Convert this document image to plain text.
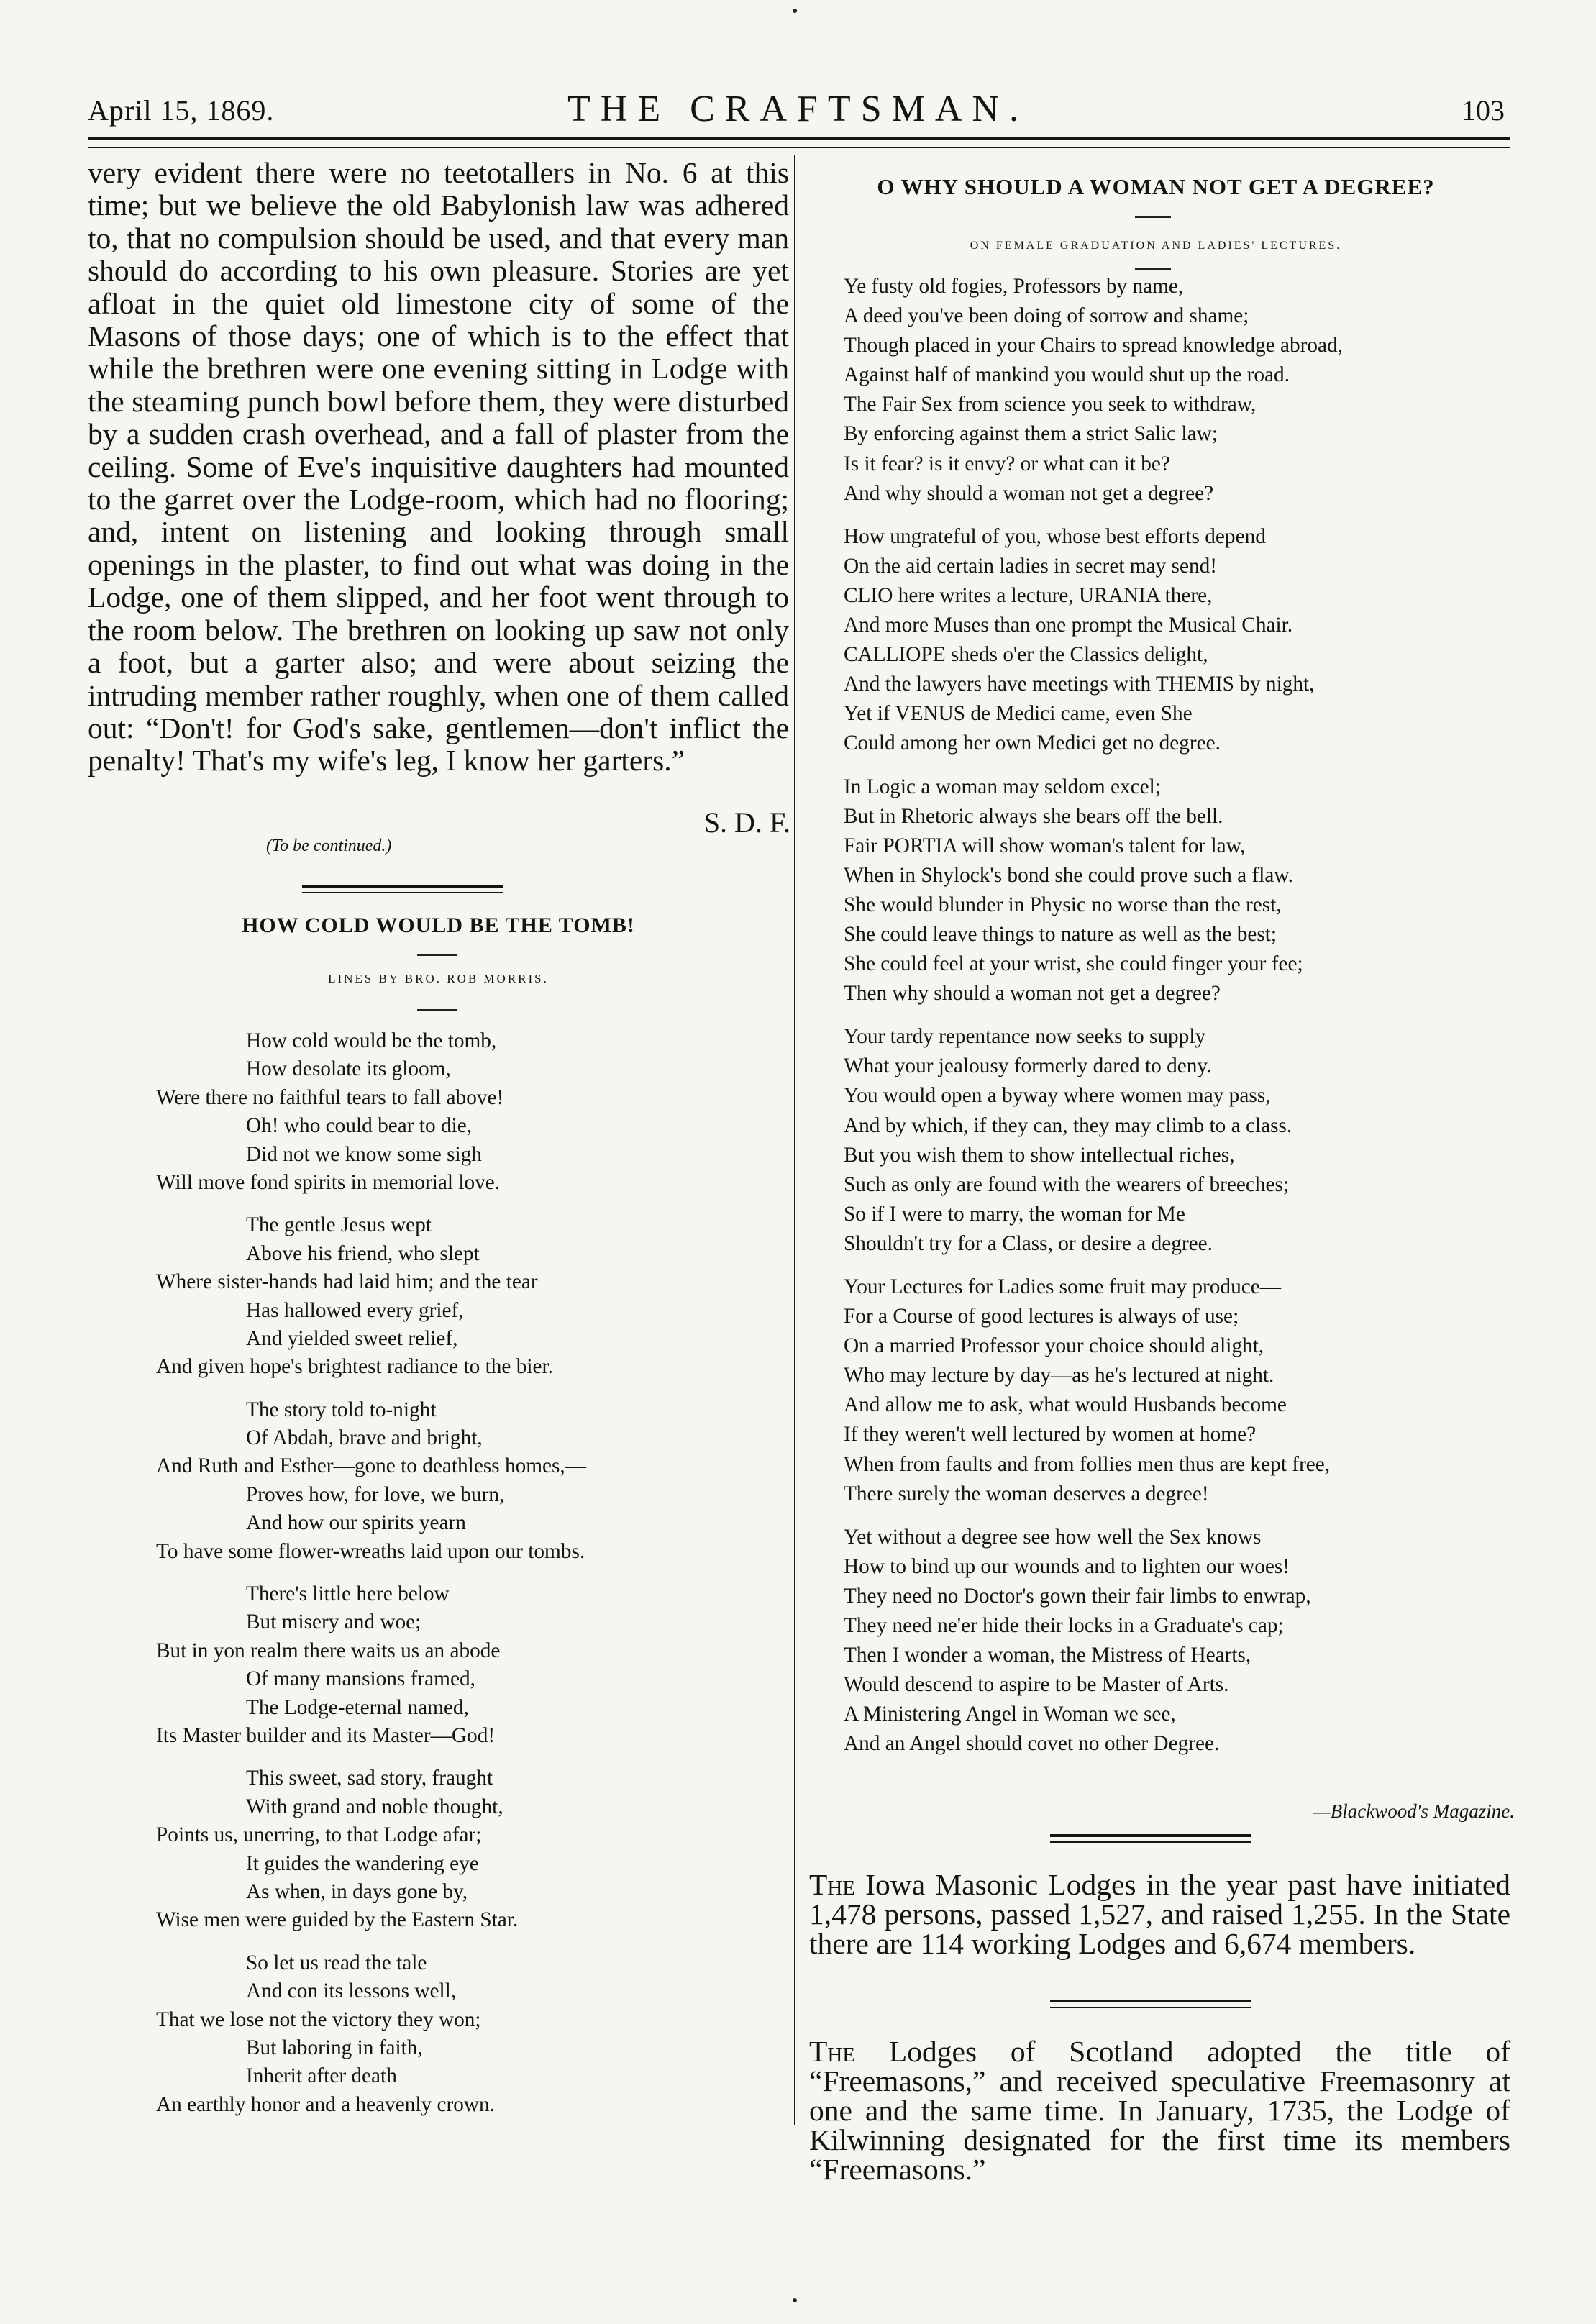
April 15, 1869.	THE CRAFTSMAN.	103

very evident there were no teetotallers in No. 6 at this time; but we believe the old Babylonish law was adhered to, that no compulsion should be used, and that every man should do according to his own pleasure. Stories are yet afloat in the quiet old limestone city of some of the Masons of those days; one of which is to the effect that while the brethren were one evening sitting in Lodge with the steaming punch bowl before them, they were disturbed by a sudden crash overhead, and a fall of plaster from the ceiling. Some of Eve's inquisitive daughters had mounted to the garret over the Lodge-room, which had no flooring; and, intent on listening and looking through small openings in the plaster, to find out what was doing in the Lodge, one of them slipped, and her foot went through to the room below. The brethren on looking up saw not only a foot, but a garter also; and were about seizing the intruding member rather roughly, when one of them called out: “Don't! for God's sake, gentlemen—don't inflict the penalty! That's my wife's leg, I know her garters.”

S. D. F.
(To be continued.)
HOW COLD WOULD BE THE TOMB!
LINES BY BRO. ROB MORRIS.
How cold would be the tomb,
How desolate its gloom,
Were there no faithful tears to fall above!
Oh! who could bear to die,
Did not we know some sigh
Will move fond spirits in memorial love.
The gentle Jesus wept
Above his friend, who slept
Where sister-hands had laid him; and the tear
Has hallowed every grief,
And yielded sweet relief,
And given hope's brightest radiance to the bier.
The story told to-night
Of Abdah, brave and bright,
And Ruth and Esther—gone to deathless homes,—
Proves how, for love, we burn,
And how our spirits yearn
To have some flower-wreaths laid upon our tombs.
There's little here below
But misery and woe;
But in yon realm there waits us an abode
Of many mansions framed,
The Lodge-eternal named,
Its Master builder and its Master—God!
This sweet, sad story, fraught
With grand and noble thought,
Points us, unerring, to that Lodge afar;
It guides the wandering eye
As when, in days gone by,
Wise men were guided by the Eastern Star.
So let us read the tale
And con its lessons well,
That we lose not the victory they won;
But laboring in faith,
Inherit after death
An earthly honor and a heavenly crown.
O WHY SHOULD A WOMAN NOT GET A DEGREE?
ON FEMALE GRADUATION AND LADIES' LECTURES.
Ye fusty old fogies, Professors by name,
A deed you've been doing of sorrow and shame;
Though placed in your Chairs to spread knowledge abroad,
Against half of mankind you would shut up the road.
The Fair Sex from science you seek to withdraw,
By enforcing against them a strict Salic law;
Is it fear? is it envy? or what can it be?
And why should a woman not get a degree?
How ungrateful of you, whose best efforts depend
On the aid certain ladies in secret may send!
CLIO here writes a lecture, URANIA there,
And more Muses than one prompt the Musical Chair.
CALLIOPE sheds o'er the Classics delight,
And the lawyers have meetings with THEMIS by night,
Yet if VENUS de Medici came, even She
Could among her own Medici get no degree.
In Logic a woman may seldom excel;
But in Rhetoric always she bears off the bell.
Fair PORTIA will show woman's talent for law,
When in Shylock's bond she could prove such a flaw.
She would blunder in Physic no worse than the rest,
She could leave things to nature as well as the best;
She could feel at your wrist, she could finger your fee;
Then why should a woman not get a degree?
Your tardy repentance now seeks to supply
What your jealousy formerly dared to deny.
You would open a byway where women may pass,
And by which, if they can, they may climb to a class.
But you wish them to show intellectual riches,
Such as only are found with the wearers of breeches;
So if I were to marry, the woman for Me
Shouldn't try for a Class, or desire a degree.
Your Lectures for Ladies some fruit may produce—
For a Course of good lectures is always of use;
On a married Professor your choice should alight,
Who may lecture by day—as he's lectured at night.
And allow me to ask, what would Husbands become
If they weren't well lectured by women at home?
When from faults and from follies men thus are kept free,
There surely the woman deserves a degree!
Yet without a degree see how well the Sex knows
How to bind up our wounds and to lighten our woes!
They need no Doctor's gown their fair limbs to enwrap,
They need ne'er hide their locks in a Graduate's cap;
Then I wonder a woman, the Mistress of Hearts,
Would descend to aspire to be Master of Arts.
A Ministering Angel in Woman we see,
And an Angel should covet no other Degree.
—Blackwood's Magazine.
The Iowa Masonic Lodges in the year past have initiated 1,478 persons, passed 1,527, and raised 1,255. In the State there are 114 working Lodges and 6,674 members.
The Lodges of Scotland adopted the title of “Freemasons,” and received speculative Freemasonry at one and the same time. In January, 1735, the Lodge of Kilwinning designated for the first time its members “Freemasons.”
